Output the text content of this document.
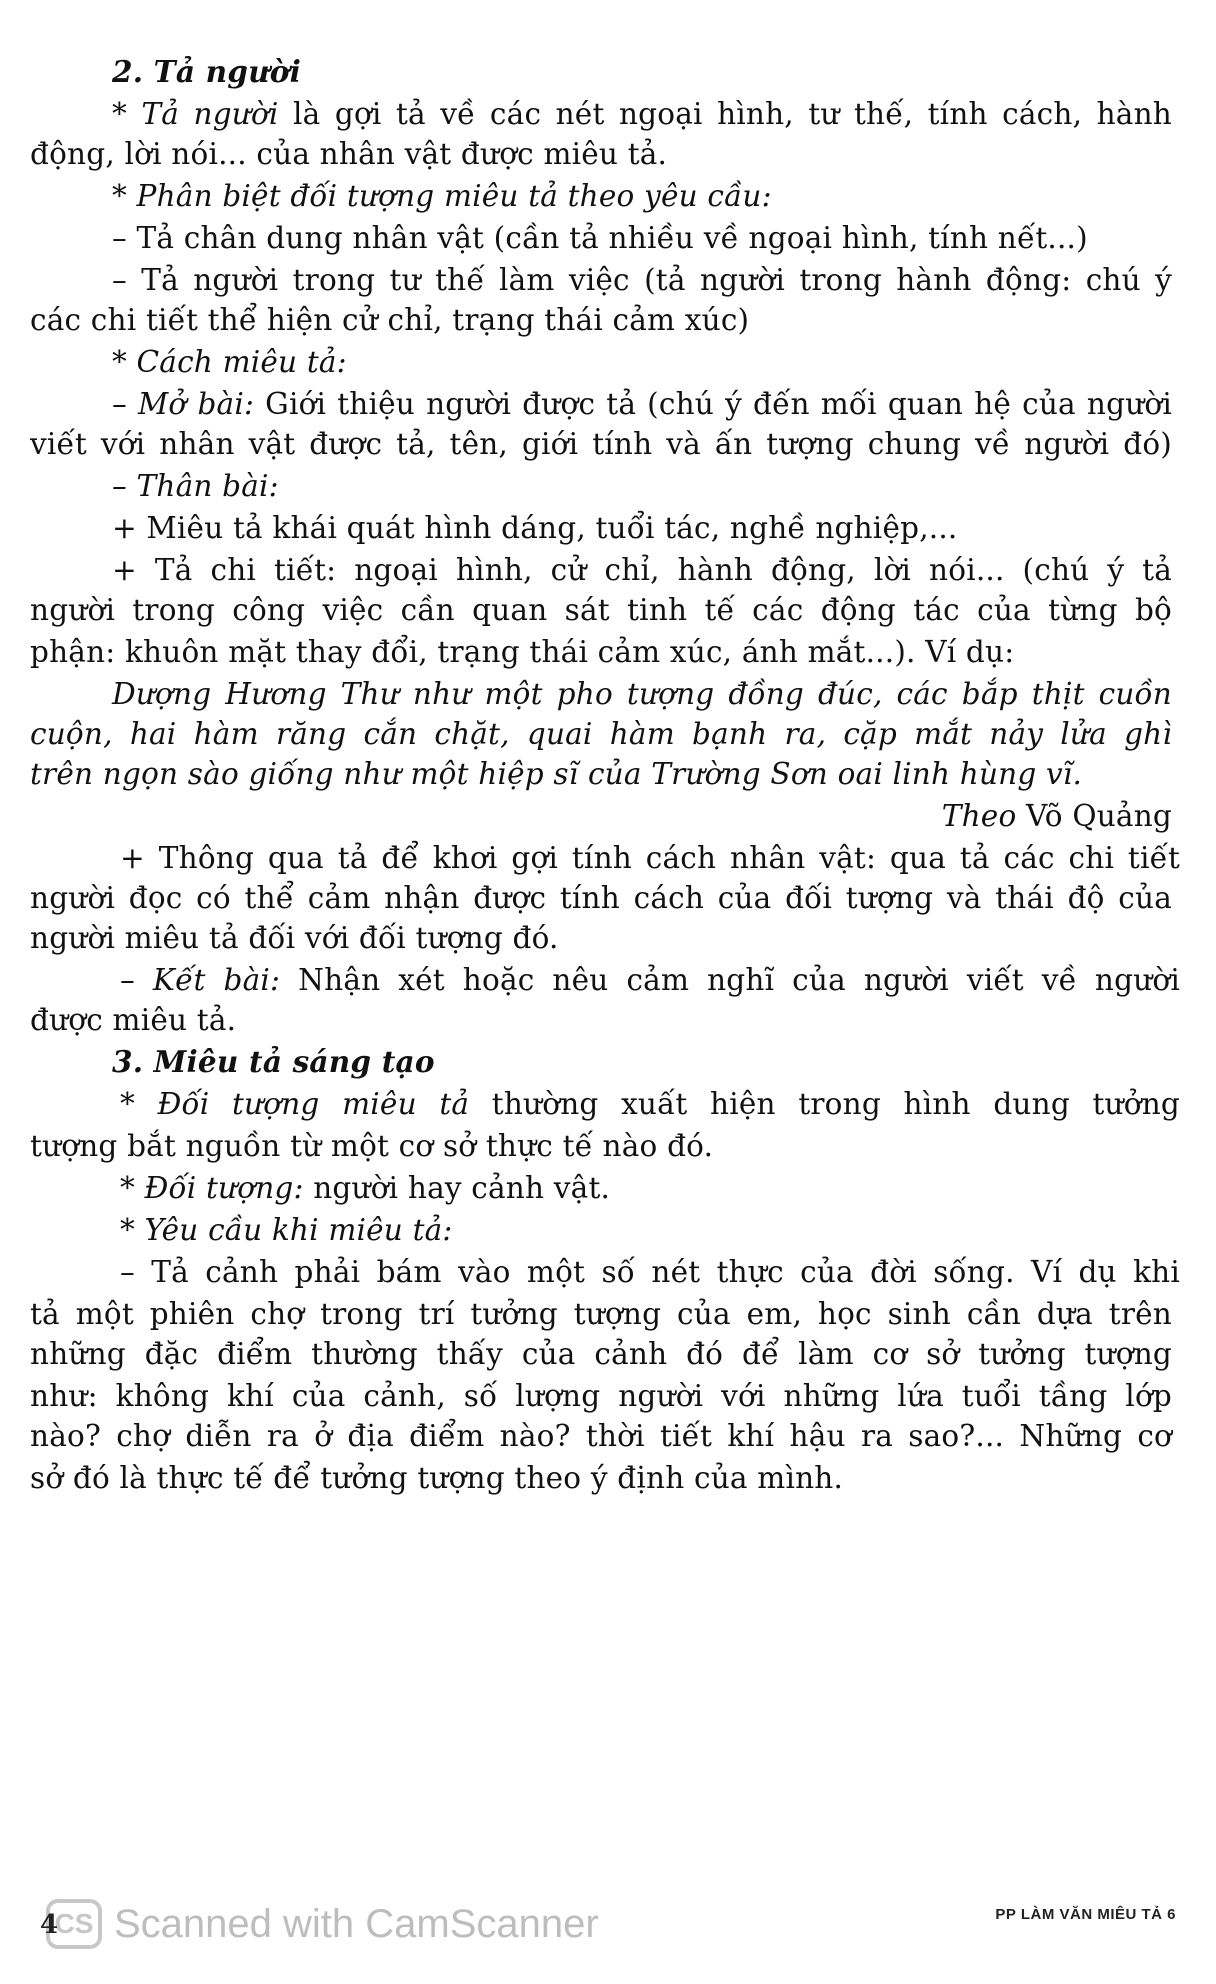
2. Tả người
* Tả người là gợi tả về các nét ngoại hình, tư thế, tính cách, hành
động, lời nói... của nhân vật được miêu tả.
* Phân biệt đối tượng miêu tả theo yêu cầu:
– Tả chân dung nhân vật (cần tả nhiều về ngoại hình, tính nết...)
– Tả người trong tư thế làm việc (tả người trong hành động: chú ý
các chi tiết thể hiện cử chỉ, trạng thái cảm xúc)
* Cách miêu tả:
– Mở bài: Giới thiệu người được tả (chú ý đến mối quan hệ của người
viết với nhân vật được tả, tên, giới tính và ấn tượng chung về người đó)
– Thân bài:
+ Miêu tả khái quát hình dáng, tuổi tác, nghề nghiệp,...
+ Tả chi tiết: ngoại hình, cử chỉ, hành động, lời nói... (chú ý tả
người trong công việc cần quan sát tinh tế các động tác của từng bộ
phận: khuôn mặt thay đổi, trạng thái cảm xúc, ánh mắt...). Ví dụ:
Dượng Hương Thư như một pho tượng đồng đúc, các bắp thịt cuồn
cuộn, hai hàm răng cắn chặt, quai hàm bạnh ra, cặp mắt nảy lửa ghì
trên ngọn sào giống như một hiệp sĩ của Trường Sơn oai linh hùng vĩ.
Theo Võ Quảng
+ Thông qua tả để khơi gợi tính cách nhân vật: qua tả các chi tiết
người đọc có thể cảm nhận được tính cách của đối tượng và thái độ của
người miêu tả đối với đối tượng đó.
– Kết bài: Nhận xét hoặc nêu cảm nghĩ của người viết về người
được miêu tả.
3. Miêu tả sáng tạo
* Đối tượng miêu tả thường xuất hiện trong hình dung tưởng
tượng bắt nguồn từ một cơ sở thực tế nào đó.
* Đối tượng: người hay cảnh vật.
* Yêu cầu khi miêu tả:
– Tả cảnh phải bám vào một số nét thực của đời sống. Ví dụ khi
tả một phiên chợ trong trí tưởng tượng của em, học sinh cần dựa trên
những đặc điểm thường thấy của cảnh đó để làm cơ sở tưởng tượng
như: không khí của cảnh, số lượng người với những lứa tuổi tầng lớp
nào? chợ diễn ra ở địa điểm nào? thời tiết khí hậu ra sao?... Những cơ
sở đó là thực tế để tưởng tượng theo ý định của mình.
CS Scanned with CamScanner
4	PP LÀM VĂN MIÊU TẢ 6
